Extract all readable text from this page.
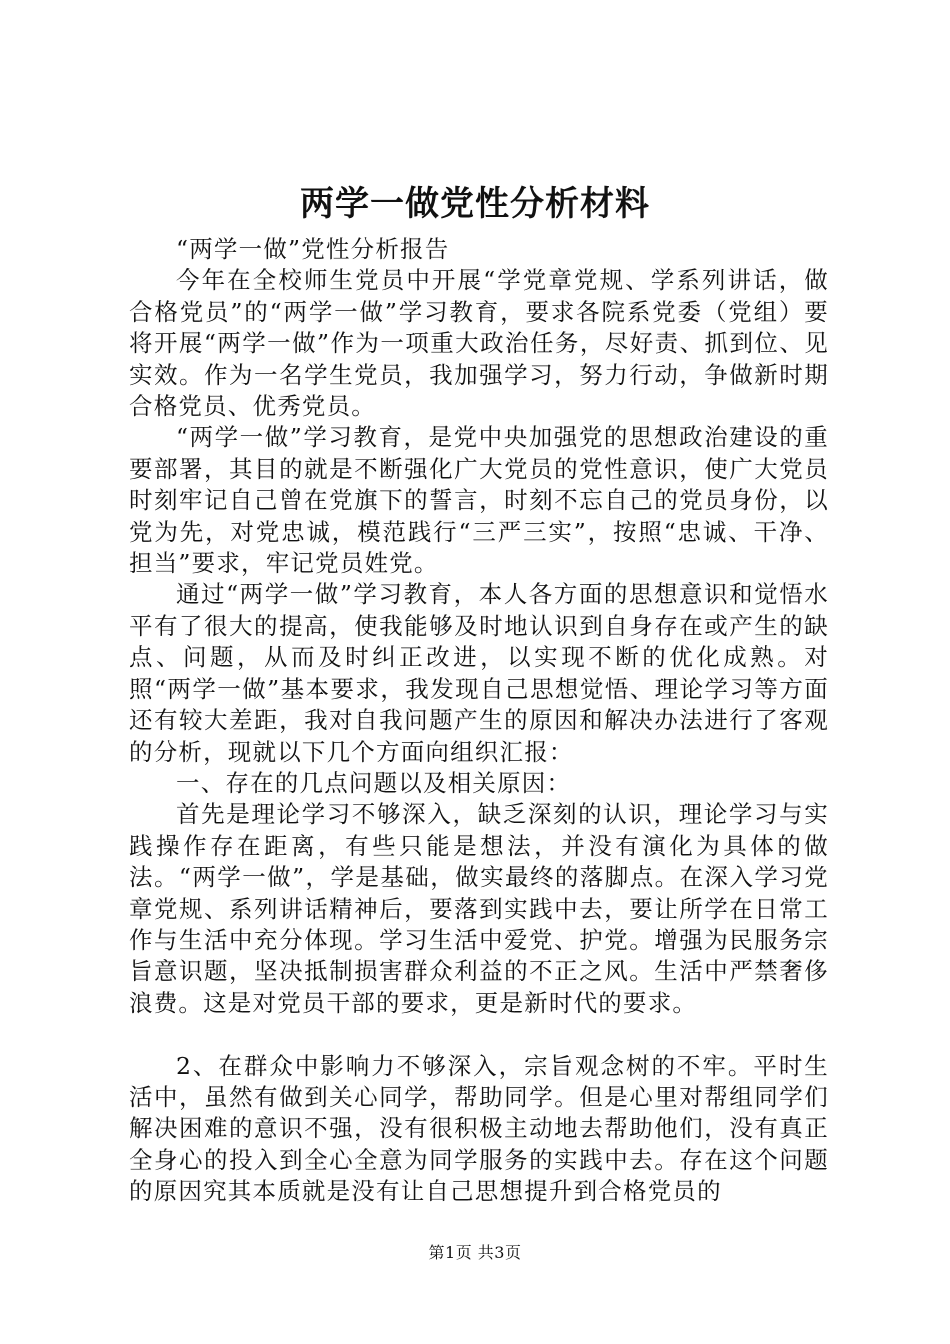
两学一做党性分析材料

“两学一做”党性分析报告

今年在全校师生党员中开展“学党章党规、学系列讲话，做合格党员”的“两学一做”学习教育，要求各院系党委（党组）要将开展“两学一做”作为一项重大政治任务，尽好责、抓到位、见实效。作为一名学生党员，我加强学习，努力行动，争做新时期合格党员、优秀党员。

“两学一做”学习教育，是党中央加强党的思想政治建设的重要部署，其目的就是不断强化广大党员的党性意识，使广大党员时刻牢记自己曾在党旗下的誓言，时刻不忘自己的党员身份，以党为先，对党忠诚，模范践行“三严三实”，按照“忠诚、干净、担当”要求，牢记党员姓党。

通过“两学一做”学习教育，本人各方面的思想意识和觉悟水平有了很大的提高，使我能够及时地认识到自身存在或产生的缺点、问题，从而及时纠正改进，以实现不断的优化成熟。对照“两学一做”基本要求，我发现自己思想觉悟、理论学习等方面还有较大差距，我对自我问题产生的原因和解决办法进行了客观的分析，现就以下几个方面向组织汇报：

一、存在的几点问题以及相关原因：

首先是理论学习不够深入，缺乏深刻的认识，理论学习与实践操作存在距离，有些只能是想法，并没有演化为具体的做法。“两学一做”，学是基础，做实最终的落脚点。在深入学习党章党规、系列讲话精神后，要落到实践中去，要让所学在日常工作与生活中充分体现。学习生活中爱党、护党。增强为民服务宗旨意识题，坚决抵制损害群众利益的不正之风。生活中严禁奢侈浪费。这是对党员干部的要求，更是新时代的要求。

2、在群众中影响力不够深入，宗旨观念树的不牢。平时生活中，虽然有做到关心同学，帮助同学。但是心里对帮组同学们解决困难的意识不强，没有很积极主动地去帮助他们，没有真正全身心的投入到全心全意为同学服务的实践中去。存在这个问题的原因究其本质就是没有让自己思想提升到合格党员的

第1页 共3页
